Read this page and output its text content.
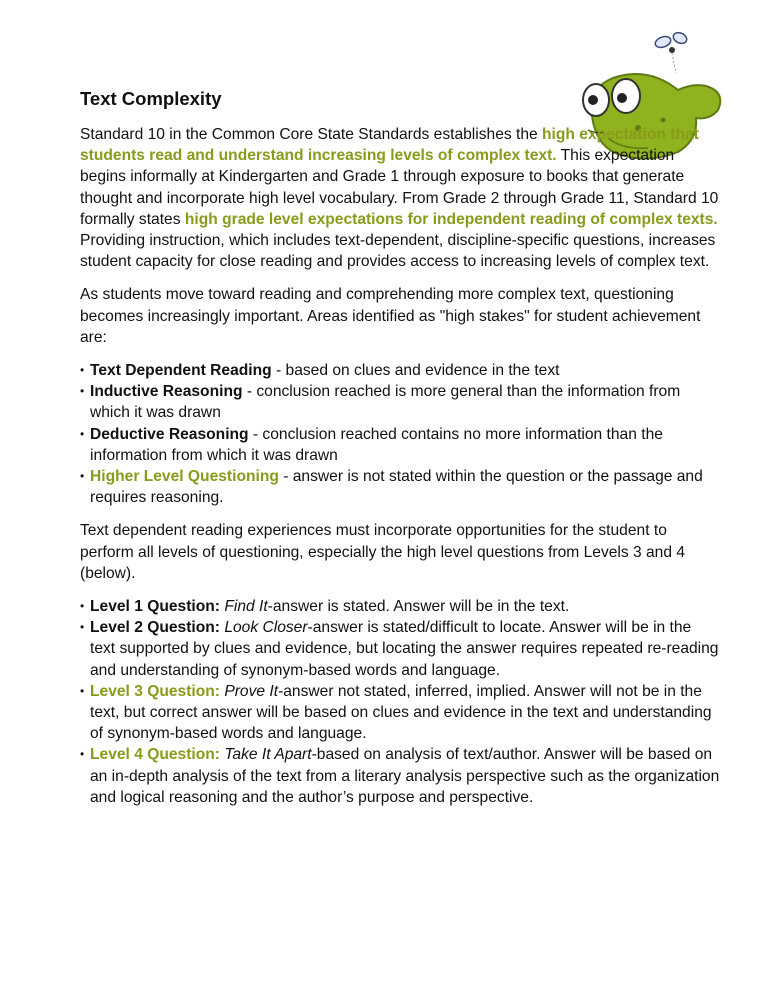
Text Complexity

Standard 10 in the Common Core State Standards establishes the high expectation that students read and understand increasing levels of complex text. This expectation begins informally at Kindergarten and Grade 1 through exposure to books that generate thought and incorporate high level vocabulary. From Grade 2 through Grade 11, Standard 10 formally states high grade level expectations for independent reading of complex texts. Providing instruction, which includes text-dependent, discipline-specific questions, increases student capacity for close reading and provides access to increasing levels of complex text.

As students move toward reading and comprehending more complex text, questioning becomes increasingly important. Areas identified as "high stakes" for student achievement are:

• Text Dependent Reading - based on clues and evidence in the text
• Inductive Reasoning - conclusion reached is more general than the information from which it was drawn
• Deductive Reasoning - conclusion reached contains no more information than the information from which it was drawn
• Higher Level Questioning - answer is not stated within the question or the passage and requires reasoning.

Text dependent reading experiences must incorporate opportunities for the student to perform all levels of questioning, especially the high level questions from Levels 3 and 4 (below).

• Level 1 Question: Find It-answer is stated. Answer will be in the text.
• Level 2 Question: Look Closer-answer is stated/difficult to locate. Answer will be in the text supported by clues and evidence, but locating the answer requires repeated re-reading and understanding of synonym-based words and language.
• Level 3 Question: Prove It-answer not stated, inferred, implied. Answer will not be in the text, but correct answer will be based on clues and evidence in the text and understanding of synonym-based words and language.
• Level 4 Question: Take It Apart-based on analysis of text/author. Answer will be based on an in-depth analysis of the text from a literary analysis perspective such as the organization and logical reasoning and the author’s purpose and perspective.
